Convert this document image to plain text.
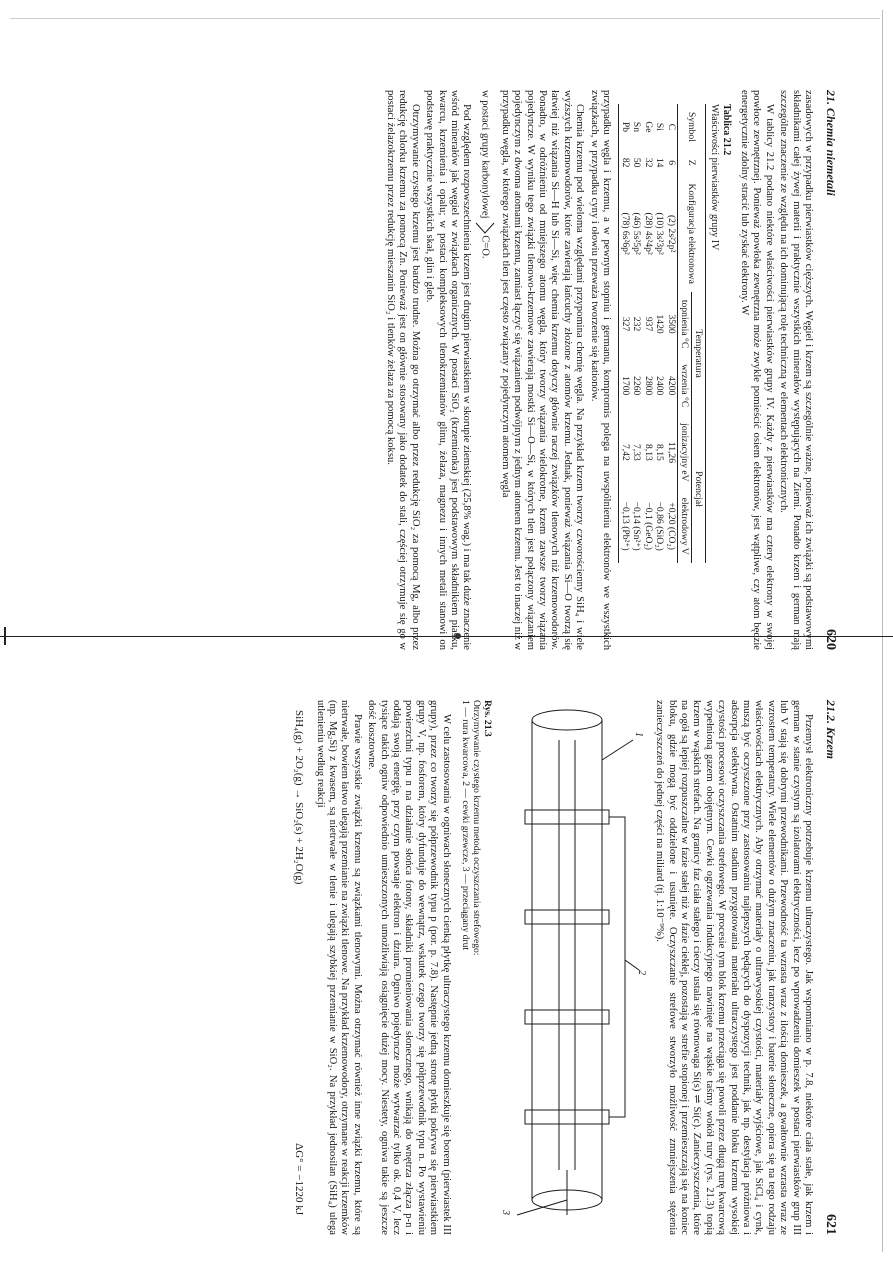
21. Chemia niemetali
620

zasadowych w przypadku pierwiastków cięższych. Węgiel i krzem są szczególnie ważne, ponieważ ich związki są podstawowymi składnikami całej żywej materii i praktycznie wszystkich minerałów występujących na Ziemi. Ponadto krzem i german mają szczególne znaczenie ze względu na ich dominującą rolę techniczną w elementach elektronicznych.

W tablicy 21.2 podano niektóre właściwości pierwiastków grupy IV. Każdy z pierwiastków ma cztery elektrony w swojej powłoce zewnętrznej. Ponieważ powłoka zewnętrzna może zwykle pomieścić osiem elektronów, jest wątpliwe, czy atom będzie energetycznie zdolny stracić lub zyskać elektrony. W

Tablica 21.2
Właściwości pierwiastków grupy IV
Symbol	Z	Konfiguracja elektronowa	Temperatura		Potencjał	
			topnienia °C	wrzenia °C	jonizacyjny eV	elektrodowy V
C	6	(2) 2s²2p²	3500	4200	11,26	+0,20 (CO₂)
Si	14	(10) 3s²3p²	1420	2400	8,15	−0,86 (SiO₂)
Ge	32	(28) 4s²4p²	937	2800	8,13	−0,1 (GeO₂)
Sn	50	(46) 5s²5p²	232	2260	7,33	−0,14 (Sn²⁺)
Pb	82	(78) 6s²6p²	327	1700	7,42	−0,13 (Pb²⁺)

przypadku węgla i krzemu, a w pewnym stopniu i germanu, kompromis polega na uwspólnieniu elektronów we wszystkich związkach, w przypadku cyny i ołowiu przeważa tworzenie się kationów.

Chemia krzemu pod wieloma względami przypomina chemię węgla. Na przykład krzem tworzy czworościenny SiH₄ i wiele wyższych krzemowodorów, które zawierają łańcuchy złożone z atomów krzemu. Jednak, ponieważ wiązania Si—O tworzą się łatwiej niż wiązania Si—H lub Si—Si, więc chemia krzemu dotyczy głównie raczej związków tlenowych niż krzemowodorów. Ponadto, w odróżnieniu od mniejszego atomu węgla, który tworzy wiązania wielokrotne, krzem zawsze tworzy wiązania pojedyncze. W wyniku tego związki tlenowo-krzemowe zawierają mostki Si—O—Si, w których tlen jest połączony wiązaniem pojedynczym z dwoma atomami krzemu, zamiast łączyć się wiązaniem podwójnym z jednym atomem krzemu. Jest to inaczej niż w przypadku węgla, w którego związkach tlen jest często związany z pojedynczym atomem węgla

w postaci grupy karbonylowej
C=O.

Pod względem rozpowszechnienia krzem jest drugim pierwiastkiem w skorupie ziemskiej (25,8% wag.) i ma tak duże znaczenie wśród minerałów jak węgiel w związkach organicznych. W postaci SiO₂ (krzemionka) jest podstawowym składnikiem piasku, kwarcu, krzemienia i opalu; w postaci kompleksowych tlenokrzemianów glinu, żelaza, magnezu i innych metali stanowi on podstawę praktycznie wszystkich skał, glin i gleb.

Otrzymywanie czystego krzemu jest bardzo trudne. Można go otrzymać albo przez redukcję SiO₂ za pomocą Mg, albo przez redukcję chlorku krzemu za pomocą Zn. Ponieważ jest on głównie stosowany jako dodatek do stali, częściej otrzymuje się go w postaci żelazokrzemu przez redukcję mieszanin SiO₂ i tlenków żelaza za pomocą koksu.

21.2. Krzem
621

Przemysł elektroniczny potrzebuje krzemu ultraczystego. Jak wspomniano w p. 7.8, niektóre ciała stałe, jak krzem i german w stanie czystym są izolatorami elektryczności, lecz po wprowadzeniu domieszek w postaci pierwiastków grup III lub V stają się dobrymi przewodnikami. Przewodność ta wzrasta wraz z ilością domieszek, a gwałtownie wzrasta wraz ze wzrostem temperatury. Wiele elementów o dużym znaczeniu, jak tranzystory i baterie słoneczne, opiera się na tego rodzaju właściwościach elektrycznych. Aby otrzymać materiały o ultrawysokiej czystości, materiały wyjściowe, jak SiCl₄ i cynk, muszą być oczyszczone przy zastosowaniu najlepszych będących do dyspozycji technik, jak np. destylacja próżniowa i adsorpcja selektywna. Ostatnim stadium przygotowania materiału ultraczystego jest poddanie bloku krzemu wysokiej czystości procesowi oczyszczania strefowego. W procesie tym blok krzemu przeciąga się powoli przez długą rurę kwarcową wypełnioną gazem obojętnym. Cewki ogrzewania indukcyjnego nawinięte na wąskie taśmy wokół rury (rys. 21.3) topią krzem w wąskich strefach. Na granicy faz ciała stałego i cieczy ustala się równowaga Si(s) ⇌ Si(c). Zanieczyszczenia, które na ogół są lepiej rozpuszczalne w fazie stałej niż w fazie ciekłej, pozostają w strefie stopionej i przemieszczają się na koniec bloku, gdzie mogą być oddzielone i usunięte. Oczyszczanie strefowe stworzyło możliwość zmniejszenia stężenia zanieczyszczeń do jednej części na miliard (tj. 1:10⁻⁹%).

1
2
3
Rys. 21.3
Otrzymywanie czystego krzemu metodą oczyszczania strefowego:
1 — rura kwarcowa, 2 — cewki grzewcze, 3 — przeciągany drut

W celu zastosowania w ogniwach słonecznych cienką płytkę ultraczystego krzemu domieszkuje się borem (pierwiastek III grupy), przez co tworzy się półprzewodnik typu p (por. p. 7.8). Następnie jedną stronę płytki pokrywa się pierwiastkiem grupy V, np. fosforem, który dyfunduje do wewnątrz, wskutek czego tworzy się półprzewodnik typu n. Po wystawieniu powierzchni typu n na działanie słońca fotony, składniki promieniowania słonecznego, wnikają do wnętrza złącza p-n i oddają swoją energię, przy czym powstaje elektron i dziura. Ogniwo pojedyncze może wytwarzać tylko ok. 0,4 V, lecz tysiące takich ogniw odpowiednio umieszczonych umożliwiają osiągnięcie dużej mocy. Niestety, ogniwa takie są jeszcze dość kosztowne.

Prawie wszystkie związki krzemu są związkami tlenowymi. Można otrzymać również inne związki krzemu, które są nietrwałe, bowiem łatwo ulegają przemianie na związki tlenowe. Na przykład krzemowodory, otrzymane w reakcji krzemków (np. Mg₂Si) z kwasem, są nietrwałe w tlenie i ulegają szybkiej przemianie w SiO₂. Na przykład jednosilan (SiH₄) ulega utlenieniu według reakcji

SiH₄(g) + 2O₂(g) → SiO₂(s) + 2H₂O(g)
ΔG° = −1220 kJ
